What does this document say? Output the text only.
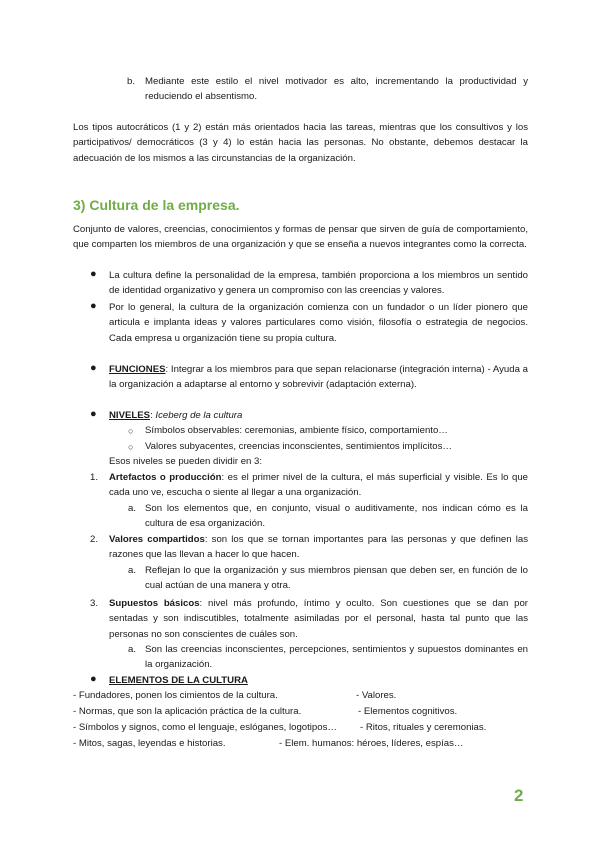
b. Mediante este estilo el nivel motivador es alto, incrementando la productividad y reduciendo el absentismo.
Los tipos autocráticos (1 y 2) están más orientados hacia las tareas, mientras que los consultivos y los participativos/ democráticos (3 y 4) lo están hacia las personas. No obstante, debemos destacar la adecuación de los mismos a las circunstancias de la organización.
3) Cultura de la empresa.
Conjunto de valores, creencias, conocimientos y formas de pensar que sirven de guía de comportamiento, que comparten los miembros de una organización y que se enseña a nuevos integrantes como la correcta.
● La cultura define la personalidad de la empresa, también proporciona a los miembros un sentido de identidad organizativo y genera un compromiso con las creencias y valores.
● Por lo general, la cultura de la organización comienza con un fundador o un líder pionero que articula e implanta ideas y valores particulares como visión, filosofía o estrategia de negocios. Cada empresa u organización tiene su propia cultura.
● FUNCIONES: Integrar a los miembros para que sepan relacionarse (integración interna) - Ayuda a la organización a adaptarse al entorno y sobrevivir (adaptación externa).
● NIVELES: Iceberg de la cultura
○ Símbolos observables: ceremonias, ambiente físico, comportamiento…
○ Valores subyacentes, creencias inconscientes, sentimientos implícitos…
Esos niveles se pueden dividir en 3:
1. Artefactos o producción: es el primer nivel de la cultura, el más superficial y visible. Es lo que cada uno ve, escucha o siente al llegar a una organización.
a. Son los elementos que, en conjunto, visual o auditivamente, nos indican cómo es la cultura de esa organización.
2. Valores compartidos: son los que se tornan importantes para las personas y que definen las razones que las llevan a hacer lo que hacen.
a. Reflejan lo que la organización y sus miembros piensan que deben ser, en función de lo cual actúan de una manera y otra.
3. Supuestos básicos: nivel más profundo, íntimo y oculto. Son cuestiones que se dan por sentadas y son indiscutibles, totalmente asimiladas por el personal, hasta tal punto que las personas no son conscientes de cuáles son.
a. Son las creencias inconscientes, percepciones, sentimientos y supuestos dominantes en la organización.
● ELEMENTOS DE LA CULTURA
- Fundadores, ponen los cimientos de la cultura.	- Valores.
- Normas, que son la aplicación práctica de la cultura.	- Elementos cognitivos.
- Símbolos y signos, como el lenguaje, eslóganes, logotipos… - Ritos, rituales y ceremonias.
- Mitos, sagas, leyendas e historias.	- Elem. humanos: héroes, líderes, espías…
2
